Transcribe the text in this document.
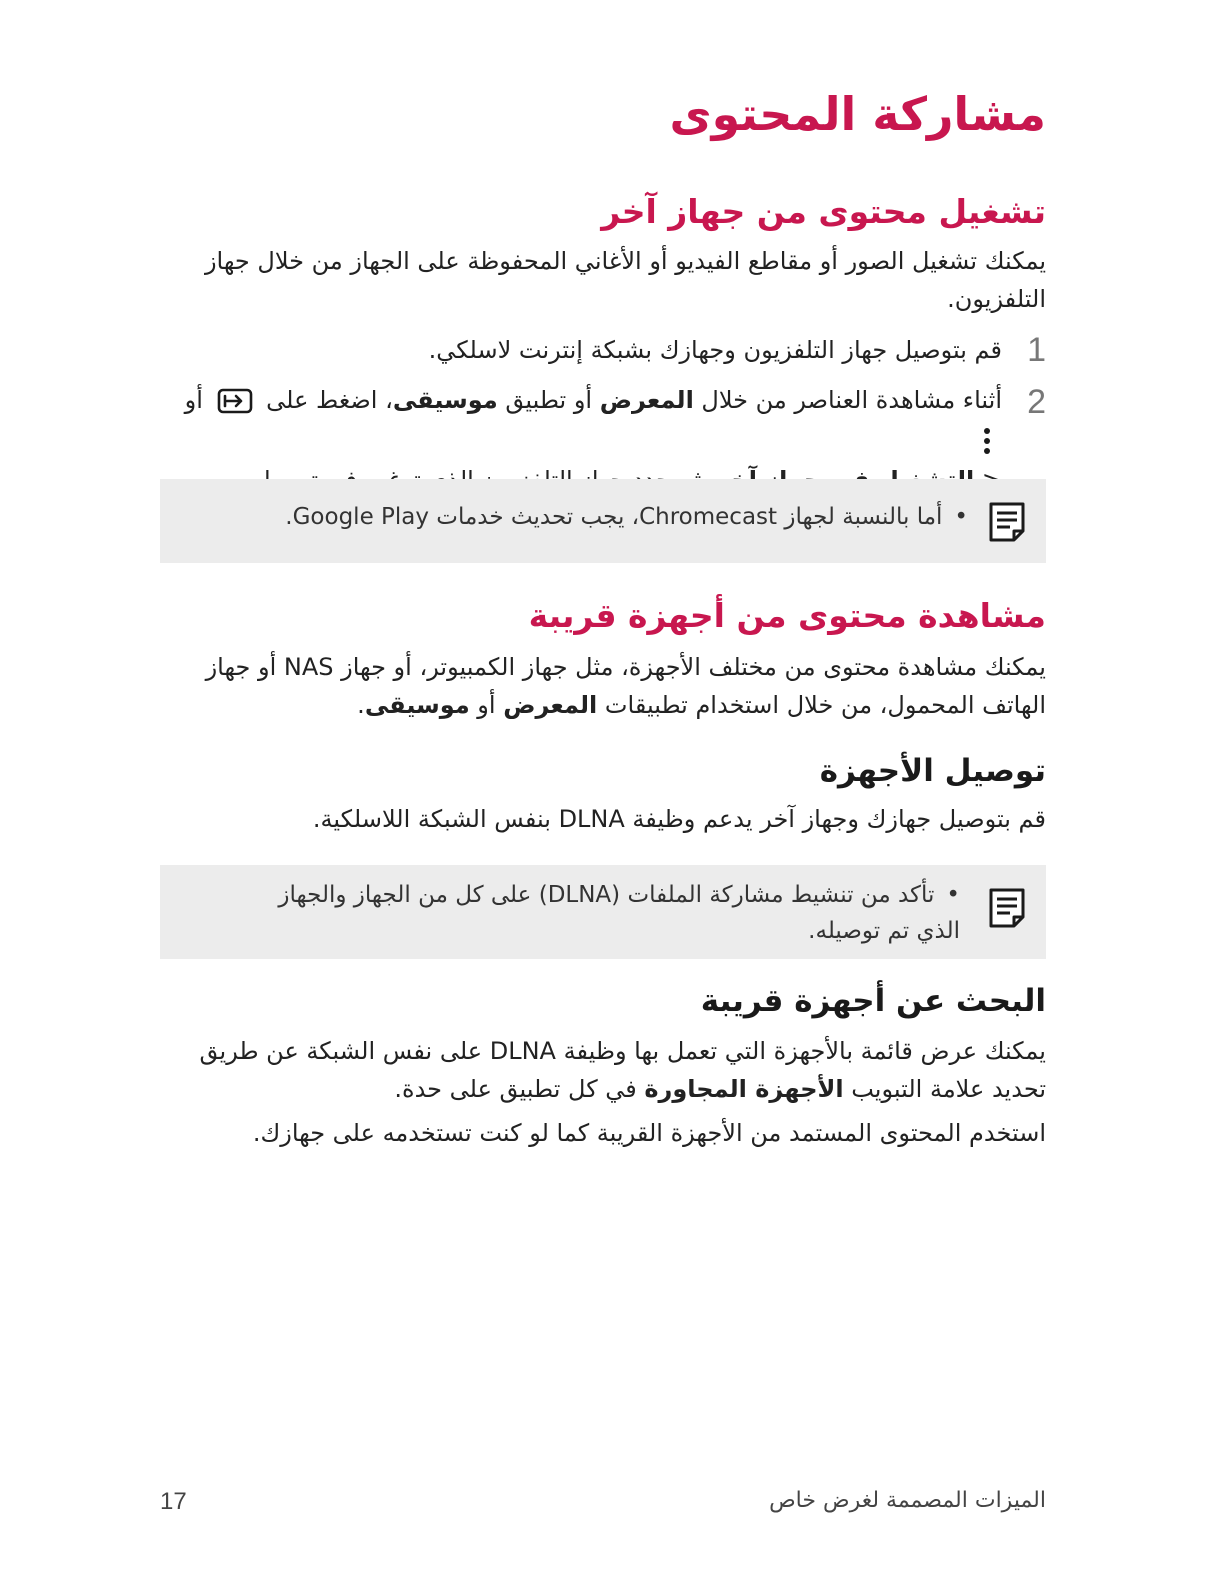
مشاركة المحتوى
تشغيل محتوى من جهاز آخر

يمكنك تشغيل الصور أو مقاطع الفيديو أو الأغاني المحفوظة على الجهاز من خلال جهاز التلفزيون.

1
قم بتوصيل جهاز التلفزيون وجهازك بشبكة إنترنت لاسلكي.
2
أثناء مشاهدة العناصر من خلال المعرض أو تطبيق موسيقى، اضغط على  أو

•أما بالنسبة لجهاز Chromecast، يجب تحديث خدمات Google Play.
مشاهدة محتوى من أجهزة قريبة

يمكنك مشاهدة محتوى من مختلف الأجهزة، مثل جهاز الكمبيوتر، أو جهاز NAS أو جهاز الهاتف المحمول، من خلال استخدام تطبيقات المعرض أو موسيقى.

توصيل الأجهزة

قم بتوصيل جهازك وجهاز آخر يدعم وظيفة DLNA بنفس الشبكة اللاسلكية.

•تأكد من تنشيط مشاركة الملفات (DLNA) على كل من الجهاز والجهاز الذي تم توصيله.
البحث عن أجهزة قريبة

يمكنك عرض قائمة بالأجهزة التي تعمل بها وظيفة DLNA على نفس الشبكة عن طريق تحديد علامة التبويب الأجهزة المجاورة في كل تطبيق على حدة.

استخدم المحتوى المستمد من الأجهزة القريبة كما لو كنت تستخدمه على جهازك.

17	الميزات المصممة لغرض خاص
